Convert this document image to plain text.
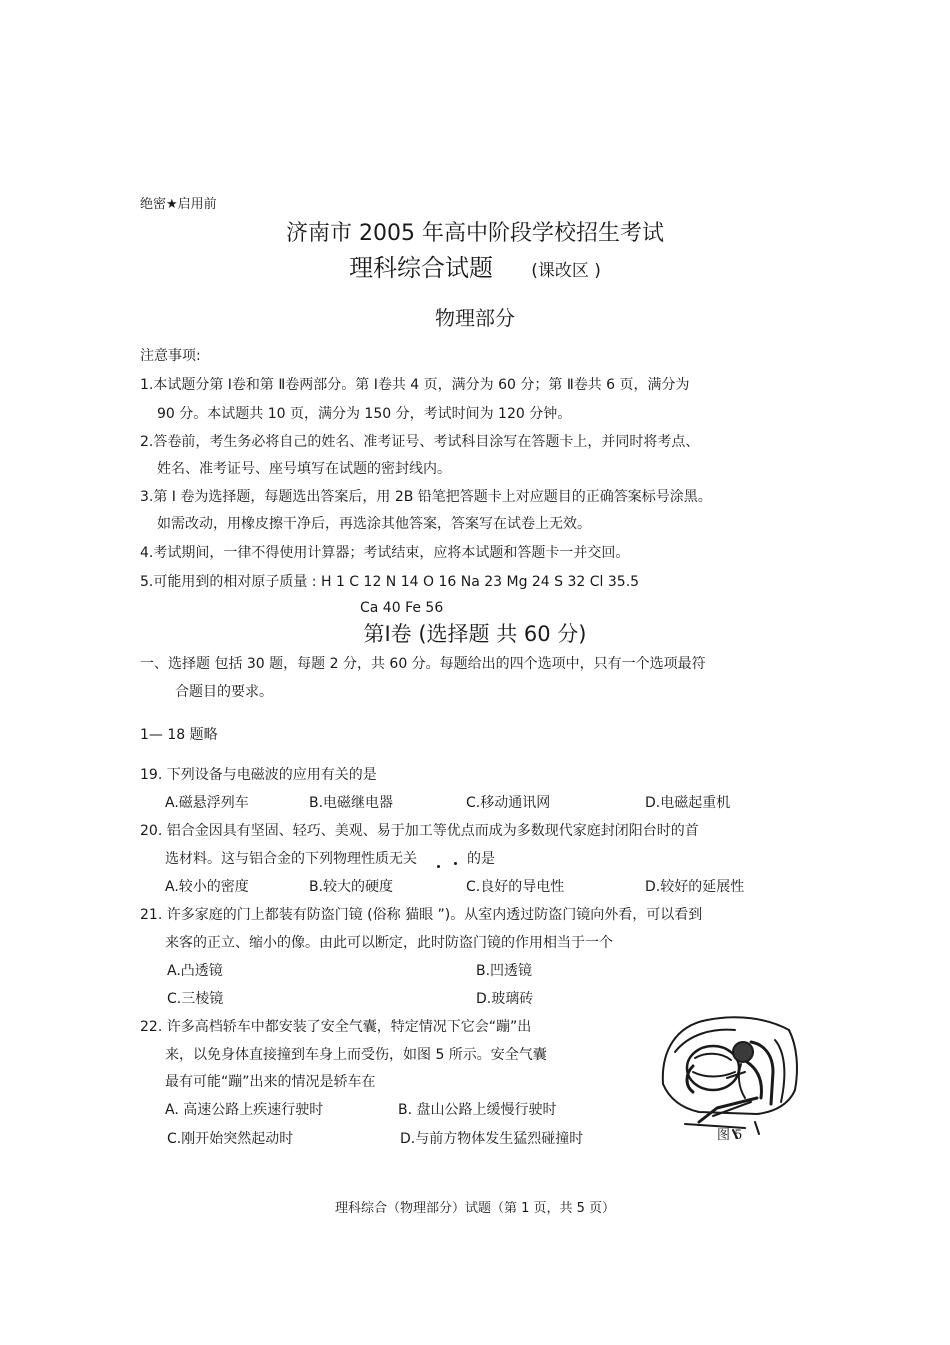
绝密★启用前
济南市 2005 年高中阶段学校招生考试
理科综合试题 (课改区 )
物理部分
注意事项:
1.本试题分第 Ⅰ卷和第 Ⅱ卷两部分。第 Ⅰ卷共 4 页，满分为 60 分；第 Ⅱ卷共 6 页，满分为
90 分。本试题共 10 页，满分为 150 分，考试时间为 120 分钟。
2.答卷前，考生务必将自己的姓名、准考证号、考试科目涂写在答题卡上，并同时将考点、
姓名、准考证号、座号填写在试题的密封线内。
3.第 Ⅰ 卷为选择题，每题选出答案后，用 2B 铅笔把答题卡上对应题目的正确答案标号涂黑。
如需改动，用橡皮擦干净后，再选涂其他答案，答案写在试卷上无效。
4.考试期间，一律不得使用计算器；考试结束，应将本试题和答题卡一并交回。
5.可能用到的相对原子质量 : H 1 C 12 N 14 O 16 Na 23 Mg 24 S 32 Cl 35.5
Ca 40 Fe 56
第Ⅰ卷 (选择题 共 60 分)
一、选择题 包括 30 题，每题 2 分，共 60 分。每题给出的四个选项中，只有一个选项最符
合题目的要求。
1— 18 题略
19. 下列设备与电磁波的应用有关的是
A.磁悬浮列车	B.电磁继电器	C.移动通讯网	D.电磁起重机
20. 铝合金因具有坚固、轻巧、美观、易于加工等优点而成为多数现代家庭封闭阳台时的首
选材料。这与铝合金的下列物理性质无关	的是
A.较小的密度	B.较大的硬度	C.良好的导电性	D.较好的延展性
21. 许多家庭的门上都装有防盗门镜 (俗称 猫眼 ”)。从室内透过防盗门镜向外看，可以看到
来客的正立、缩小的像。由此可以断定，此时防盗门镜的作用相当于一个
A.凸透镜	B.凹透镜
C.三棱镜	D.玻璃砖
22. 许多高档轿车中都安装了安全气囊，特定情况下它会“蹦”出
来，以免身体直接撞到车身上而受伤，如图 5 所示。安全气囊
最有可能“蹦”出来的情况是轿车在
A. 高速公路上疾速行驶时	B. 盘山公路上缓慢行驶时
C.刚开始突然起动时	D.与前方物体发生猛烈碰撞时	图 5
理科综合（物理部分）试题（第 1 页，共 5 页）
